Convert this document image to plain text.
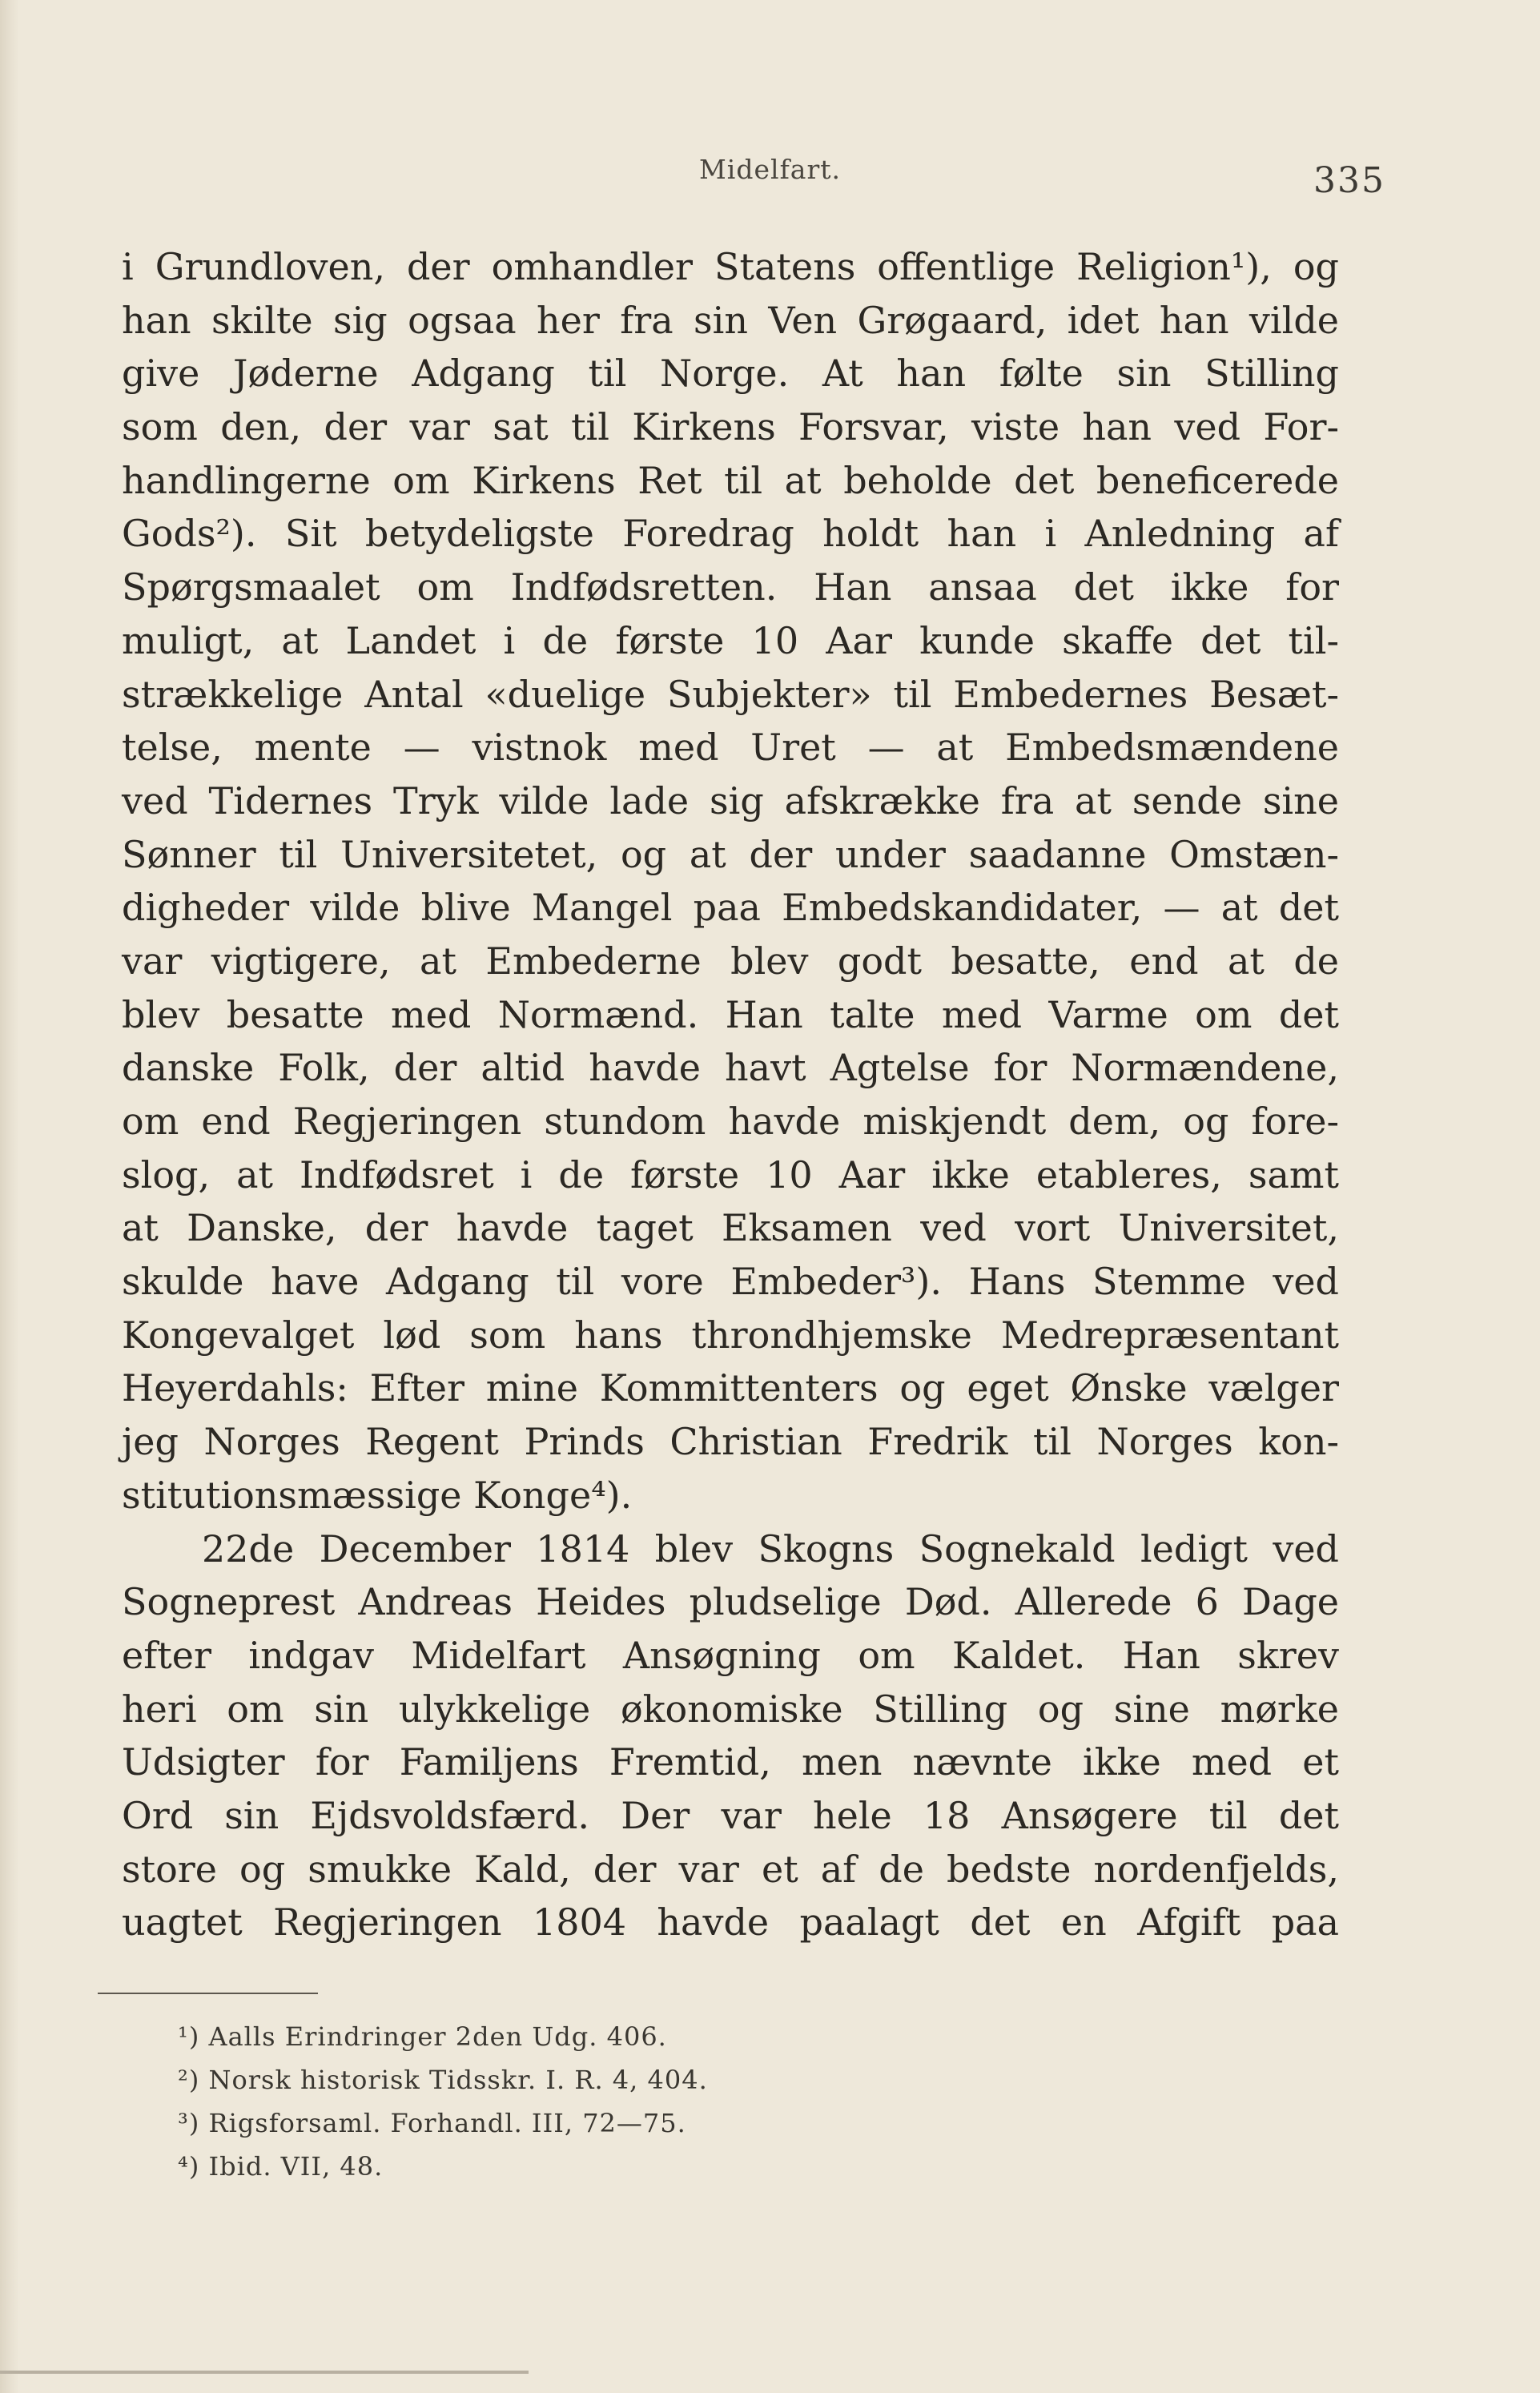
Midelfart.	335
i Grundloven, der omhandler Statens offentlige Religion¹), og
han skilte sig ogsaa her fra sin Ven Grøgaard, idet han vilde
give Jøderne Adgang til Norge. At han følte sin Stilling
som den, der var sat til Kirkens Forsvar, viste han ved For-
handlingerne om Kirkens Ret til at beholde det beneficerede
Gods²). Sit betydeligste Foredrag holdt han i Anledning af
Spørgsmaalet om Indfødsretten. Han ansaa det ikke for
muligt, at Landet i de første 10 Aar kunde skaffe det til-
strækkelige Antal «duelige Subjekter» til Embedernes Besæt-
telse, mente — vistnok med Uret — at Embedsmændene
ved Tidernes Tryk vilde lade sig afskrække fra at sende sine
Sønner til Universitetet, og at der under saadanne Omstæn-
digheder vilde blive Mangel paa Embedskandidater, — at det
var vigtigere, at Embederne blev godt besatte, end at de
blev besatte med Normænd. Han talte med Varme om det
danske Folk, der altid havde havt Agtelse for Normændene,
om end Regjeringen stundom havde miskjendt dem, og fore-
slog, at Indfødsret i de første 10 Aar ikke etableres, samt
at Danske, der havde taget Eksamen ved vort Universitet,
skulde have Adgang til vore Embeder³). Hans Stemme ved
Kongevalget lød som hans throndhjemske Medrepræsentant
Heyerdahls: Efter mine Kommittenters og eget Ønske vælger
jeg Norges Regent Prinds Christian Fredrik til Norges kon-
stitutionsmæssige Konge⁴).
22de December 1814 blev Skogns Sognekald ledigt ved
Sogneprest Andreas Heides pludselige Død. Allerede 6 Dage
efter indgav Midelfart Ansøgning om Kaldet. Han skrev
heri om sin ulykkelige økonomiske Stilling og sine mørke
Udsigter for Familjens Fremtid, men nævnte ikke med et
Ord sin Ejdsvoldsfærd. Der var hele 18 Ansøgere til det
store og smukke Kald, der var et af de bedste nordenfjelds,
uagtet Regjeringen 1804 havde paalagt det en Afgift paa
¹) Aalls Erindringer 2den Udg. 406.
²) Norsk historisk Tidsskr. I. R. 4, 404.
³) Rigsforsaml. Forhandl. III, 72—75.
⁴) Ibid. VII, 48.
